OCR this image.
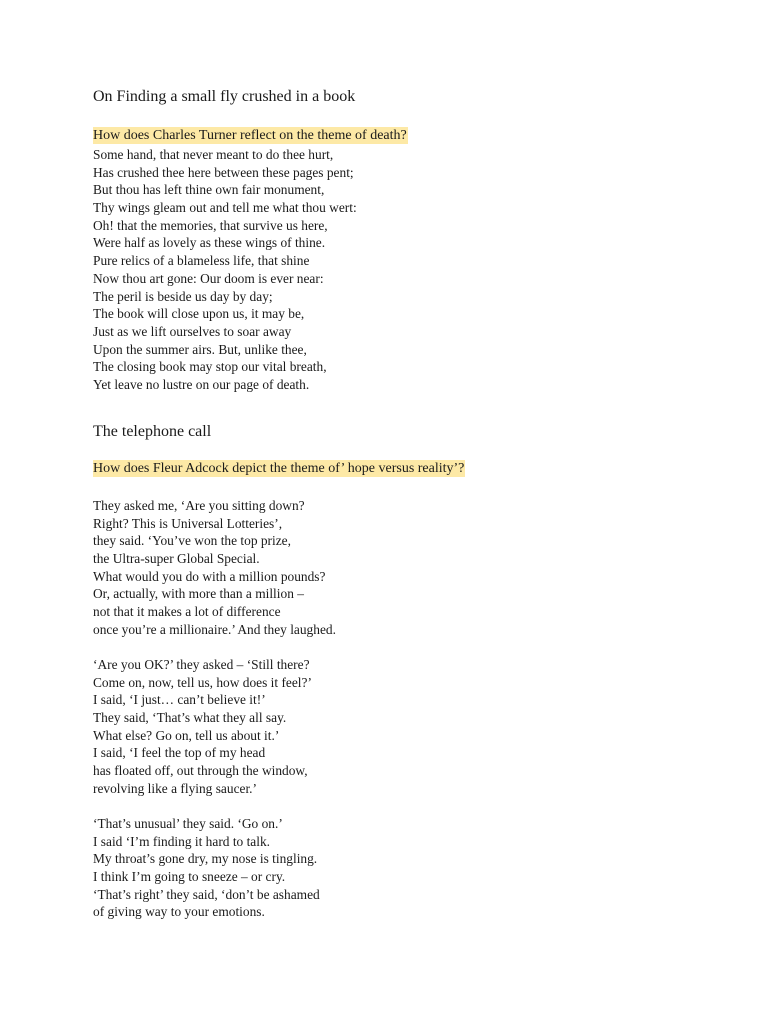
On Finding a small fly crushed in a book
How does Charles Turner reflect on the theme of death?
Some hand, that never meant to do thee hurt,
Has crushed thee here between these pages pent;
But thou has left thine own fair monument,
Thy wings gleam out and tell me what thou wert:
Oh! that the memories, that survive us here,
Were half as lovely as these wings of thine.
Pure relics of a blameless life, that shine
Now thou art gone: Our doom is ever near:
The peril is beside us day by day;
The book will close upon us, it may be,
Just as we lift ourselves to soar away
Upon the summer airs. But, unlike thee,
The closing book may stop our vital breath,
Yet leave no lustre on our page of death.
The telephone call
How does Fleur Adcock depict the theme of’ hope versus reality’?
They asked me, ‘Are you sitting down?
Right? This is Universal Lotteries’,
they said. ‘You’ve won the top prize,
the Ultra-super Global Special.
What would you do with a million pounds?
Or, actually, with more than a million –
not that it makes a lot of difference
once you’re a millionaire.’ And they laughed.
‘Are you OK?’ they asked – ‘Still there?
Come on, now, tell us, how does it feel?’
I said, ‘I just… can’t believe it!’
They said, ‘That’s what they all say.
What else? Go on, tell us about it.’
I said, ‘I feel the top of my head
has floated off, out through the window,
revolving like a flying saucer.’
‘That’s unusual’ they said. ‘Go on.’
I said ‘I’m finding it hard to talk.
My throat’s gone dry, my nose is tingling.
I think I’m going to sneeze – or cry.
‘That’s right’ they said, ‘don’t be ashamed
of giving way to your emotions.
